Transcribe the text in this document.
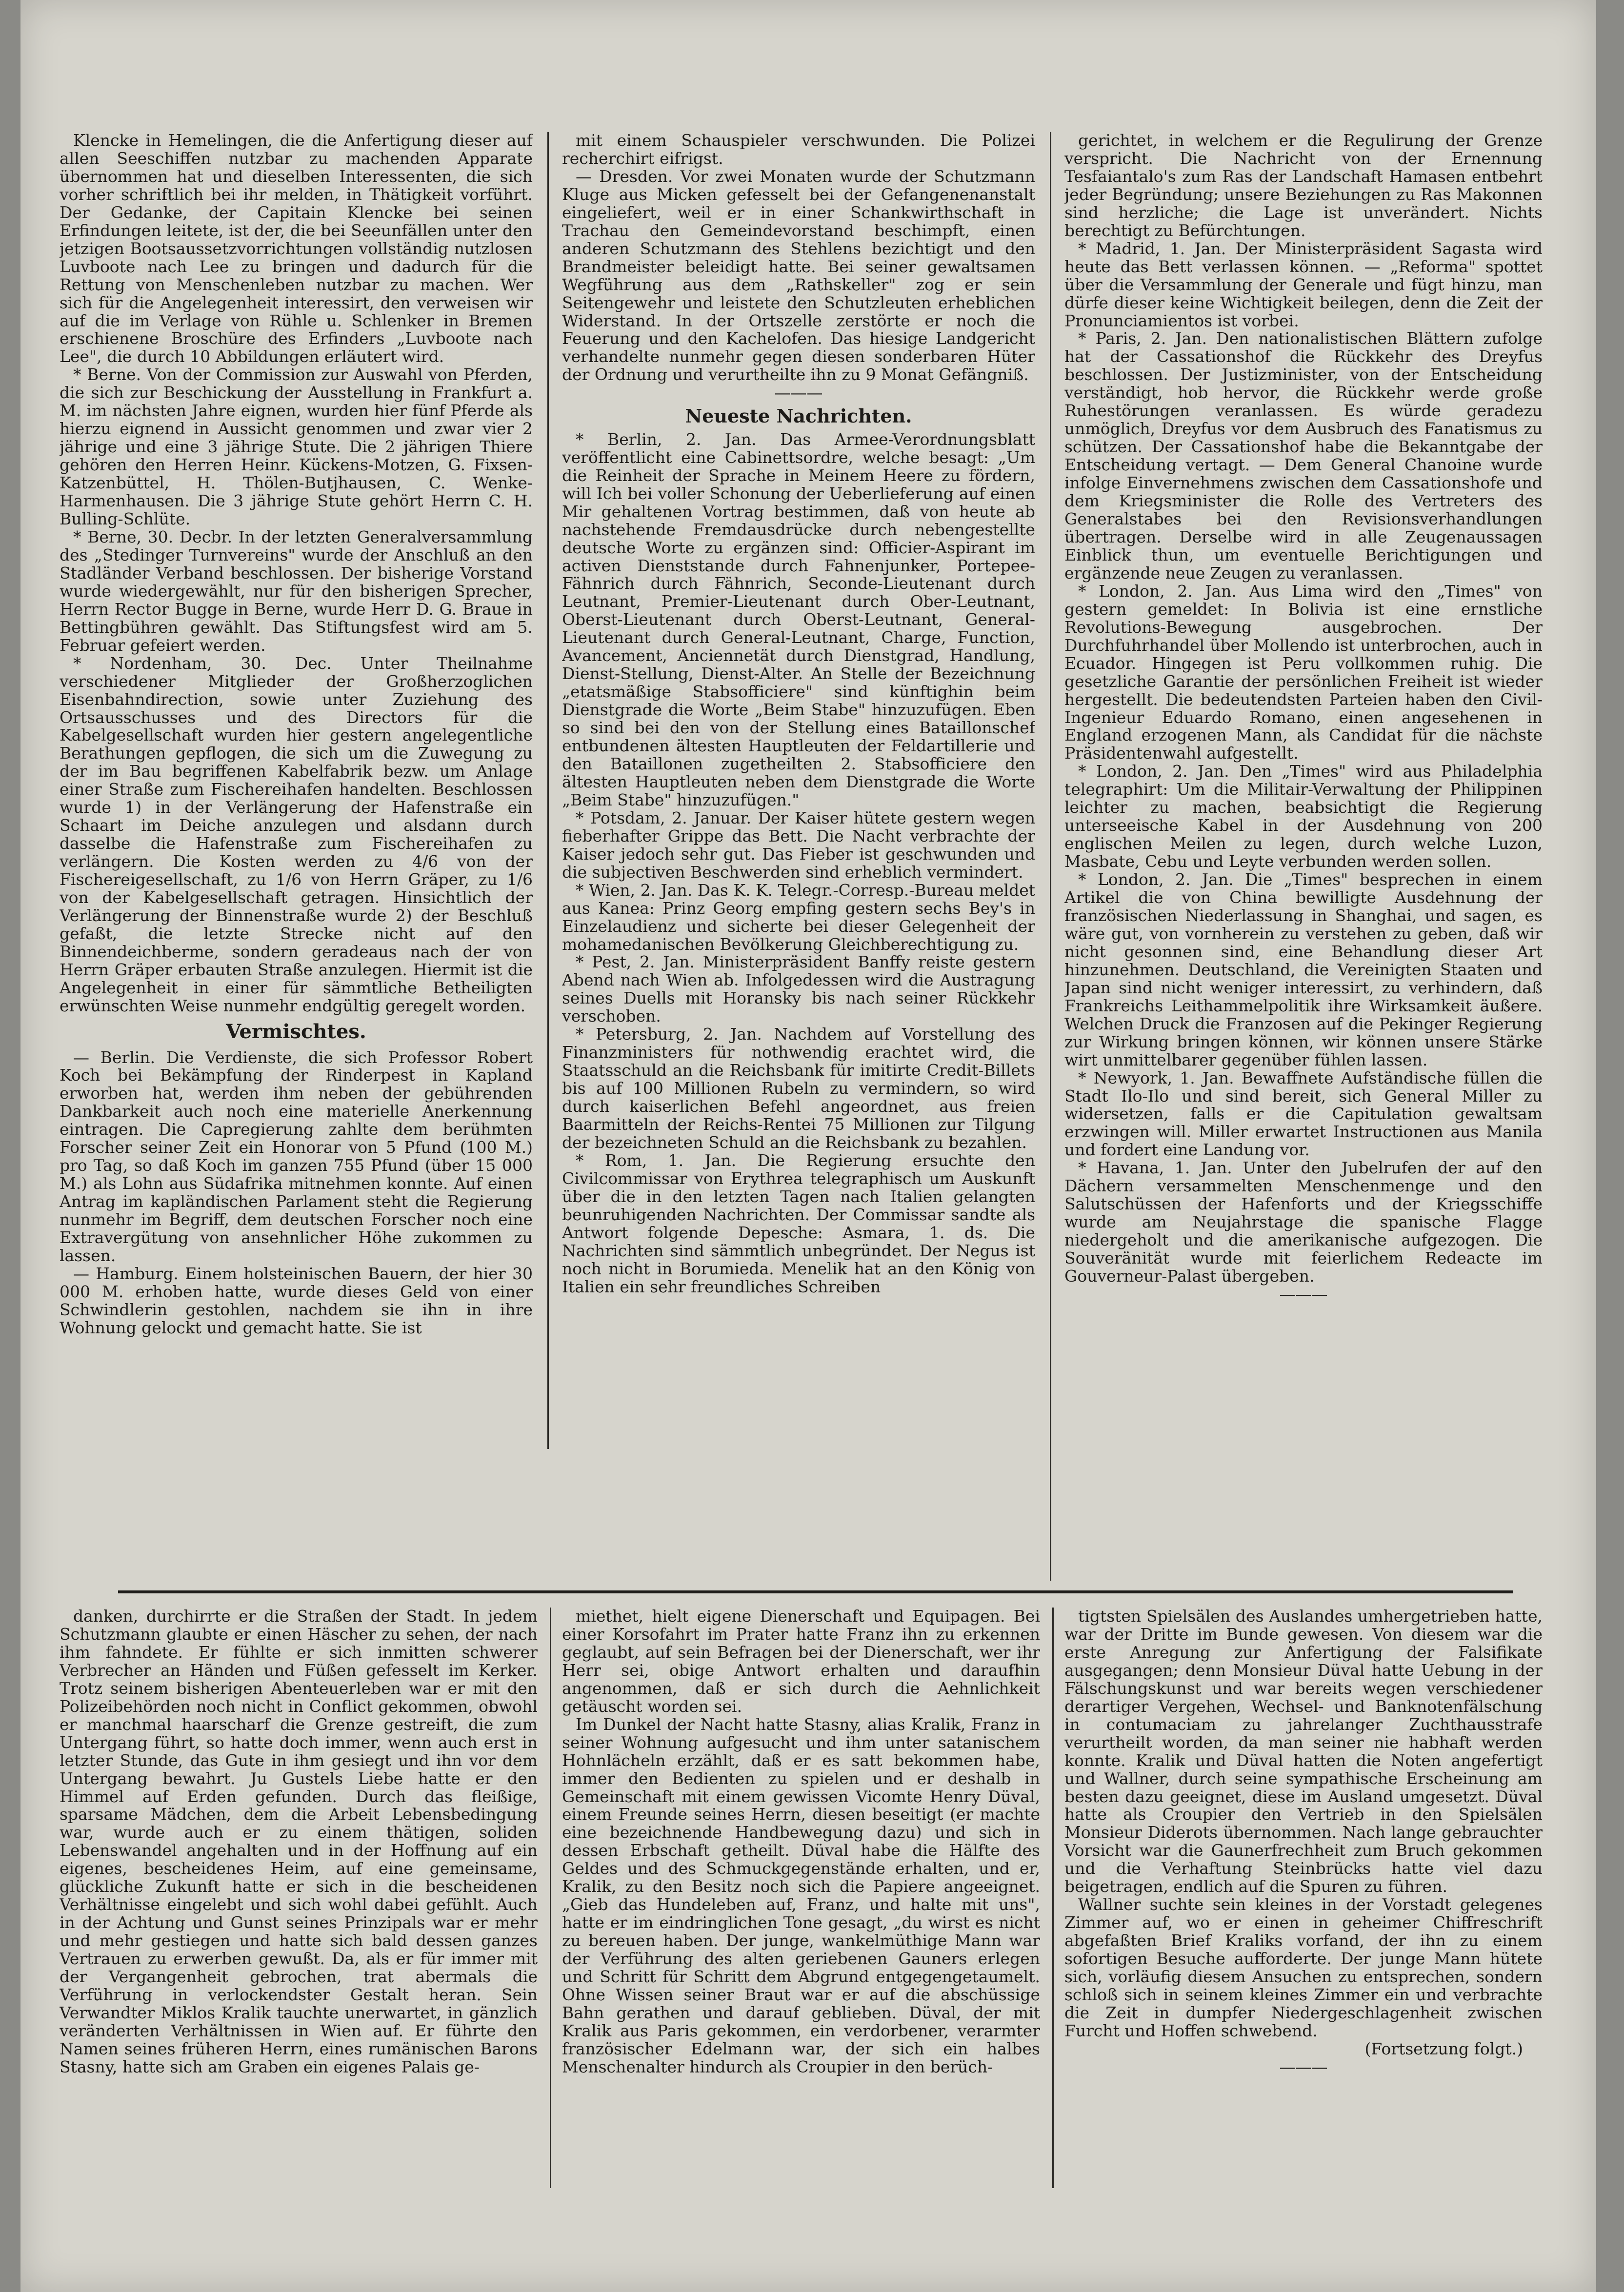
Klencke in Hemelingen, die die Anfertigung dieser auf allen Seeschiffen nutzbar zu machenden Apparate übernommen hat und dieselben Interessenten, die sich vorher schriftlich bei ihr melden, in Thätigkeit vorführt. Der Gedanke, der Capitain Klencke bei seinen Erfindungen leitete, ist der, die bei Seeunfällen unter den jetzigen Bootsaussetzvorrichtungen vollständig nutzlosen Luvboote nach Lee zu bringen und dadurch für die Rettung von Menschenleben nutzbar zu machen. Wer sich für die Angelegenheit interessirt, den verweisen wir auf die im Verlage von Rühle u. Schlenker in Bremen erschienene Broschüre des Erfinders „Luvboote nach Lee", die durch 10 Abbildungen erläutert wird.

* Berne. Von der Commission zur Auswahl von Pferden, die sich zur Beschickung der Ausstellung in Frankfurt a. M. im nächsten Jahre eignen, wurden hier fünf Pferde als hierzu eignend in Aussicht genommen und zwar vier 2 jährige und eine 3 jährige Stute. Die 2 jährigen Thiere gehören den Herren Heinr. Kückens-Motzen, G. Fixsen-Katzenbüttel, H. Thölen-Butjhausen, C. Wenke-Harmenhausen. Die 3 jährige Stute gehört Herrn C. H. Bulling-Schlüte.

* Berne, 30. Decbr. In der letzten Generalversammlung des „Stedinger Turnvereins" wurde der Anschluß an den Stadländer Verband beschlossen. Der bisherige Vorstand wurde wiedergewählt, nur für den bisherigen Sprecher, Herrn Rector Bugge in Berne, wurde Herr D. G. Braue in Bettingbühren gewählt. Das Stiftungsfest wird am 5. Februar gefeiert werden.

* Nordenham, 30. Dec. Unter Theilnahme verschiedener Mitglieder der Großherzoglichen Eisenbahndirection, sowie unter Zuziehung des Ortsausschusses und des Directors für die Kabelgesellschaft wurden hier gestern angelegentliche Berathungen gepflogen, die sich um die Zuwegung zu der im Bau begriffenen Kabelfabrik bezw. um Anlage einer Straße zum Fischereihafen handelten. Beschlossen wurde 1) in der Verlängerung der Hafenstraße ein Schaart im Deiche anzulegen und alsdann durch dasselbe die Hafenstraße zum Fischereihafen zu verlängern. Die Kosten werden zu 4/6 von der Fischereigesellschaft, zu 1/6 von Herrn Gräper, zu 1/6 von der Kabelgesellschaft getragen. Hinsichtlich der Verlängerung der Binnenstraße wurde 2) der Beschluß gefaßt, die letzte Strecke nicht auf den Binnendeichberme, sondern geradeaus nach der von Herrn Gräper erbauten Straße anzulegen. Hiermit ist die Angelegenheit in einer für sämmtliche Betheiligten erwünschten Weise nunmehr endgültig geregelt worden.

Vermischtes.

— Berlin. Die Verdienste, die sich Professor Robert Koch bei Bekämpfung der Rinderpest in Kapland erworben hat, werden ihm neben der gebührenden Dankbarkeit auch noch eine materielle Anerkennung eintragen. Die Capregierung zahlte dem berühmten Forscher seiner Zeit ein Honorar von 5 Pfund (100 M.) pro Tag, so daß Koch im ganzen 755 Pfund (über 15 000 M.) als Lohn aus Südafrika mitnehmen konnte. Auf einen Antrag im kapländischen Parlament steht die Regierung nunmehr im Begriff, dem deutschen Forscher noch eine Extravergütung von ansehnlicher Höhe zukommen zu lassen.

— Hamburg. Einem holsteinischen Bauern, der hier 30 000 M. erhoben hatte, wurde dieses Geld von einer Schwindlerin gestohlen, nachdem sie ihn in ihre Wohnung gelockt und gemacht hatte. Sie ist

mit einem Schauspieler verschwunden. Die Polizei recherchirt eifrigst.

— Dresden. Vor zwei Monaten wurde der Schutzmann Kluge aus Micken gefesselt bei der Gefangenenanstalt eingeliefert, weil er in einer Schankwirthschaft in Trachau den Gemeindevorstand beschimpft, einen anderen Schutzmann des Stehlens bezichtigt und den Brandmeister beleidigt hatte. Bei seiner gewaltsamen Wegführung aus dem „Rathskeller" zog er sein Seitengewehr und leistete den Schutzleuten erheblichen Widerstand. In der Ortszelle zerstörte er noch die Feuerung und den Kachelofen. Das hiesige Landgericht verhandelte nunmehr gegen diesen sonderbaren Hüter der Ordnung und verurtheilte ihn zu 9 Monat Gefängniß.

———

Neueste Nachrichten.

* Berlin, 2. Jan. Das Armee-Verordnungsblatt veröffentlicht eine Cabinettsordre, welche besagt: „Um die Reinheit der Sprache in Meinem Heere zu fördern, will Ich bei voller Schonung der Ueberlieferung auf einen Mir gehaltenen Vortrag bestimmen, daß von heute ab nachstehende Fremdausdrücke durch nebengestellte deutsche Worte zu ergänzen sind: Officier-Aspirant im activen Dienststande durch Fahnenjunker, Portepee-Fähnrich durch Fähnrich, Seconde-Lieutenant durch Leutnant, Premier-Lieutenant durch Ober-Leutnant, Oberst-Lieutenant durch Oberst-Leutnant, General-Lieutenant durch General-Leutnant, Charge, Function, Avancement, Anciennetät durch Dienstgrad, Handlung, Dienst-Stellung, Dienst-Alter. An Stelle der Bezeichnung „etatsmäßige Stabsofficiere" sind künftighin beim Dienstgrade die Worte „Beim Stabe" hinzuzufügen. Eben so sind bei den von der Stellung eines Bataillonschef entbundenen ältesten Hauptleuten der Feldartillerie und den Bataillonen zugetheilten 2. Stabsofficiere den ältesten Hauptleuten neben dem Dienstgrade die Worte „Beim Stabe" hinzuzufügen."

* Potsdam, 2. Januar. Der Kaiser hütete gestern wegen fieberhafter Grippe das Bett. Die Nacht verbrachte der Kaiser jedoch sehr gut. Das Fieber ist geschwunden und die subjectiven Beschwerden sind erheblich vermindert.

* Wien, 2. Jan. Das K. K. Telegr.-Corresp.-Bureau meldet aus Kanea: Prinz Georg empfing gestern sechs Bey's in Einzelaudienz und sicherte bei dieser Gelegenheit der mohamedanischen Bevölkerung Gleichberechtigung zu.

* Pest, 2. Jan. Ministerpräsident Banffy reiste gestern Abend nach Wien ab. Infolgedessen wird die Austragung seines Duells mit Horansky bis nach seiner Rückkehr verschoben.

* Petersburg, 2. Jan. Nachdem auf Vorstellung des Finanzministers für nothwendig erachtet wird, die Staatsschuld an die Reichsbank für imitirte Credit-Billets bis auf 100 Millionen Rubeln zu vermindern, so wird durch kaiserlichen Befehl angeordnet, aus freien Baarmitteln der Reichs-Rentei 75 Millionen zur Tilgung der bezeichneten Schuld an die Reichsbank zu bezahlen.

* Rom, 1. Jan. Die Regierung ersuchte den Civilcommissar von Erythrea telegraphisch um Auskunft über die in den letzten Tagen nach Italien gelangten beunruhigenden Nachrichten. Der Commissar sandte als Antwort folgende Depesche: Asmara, 1. ds. Die Nachrichten sind sämmtlich unbegründet. Der Negus ist noch nicht in Borumieda. Menelik hat an den König von Italien ein sehr freundliches Schreiben

gerichtet, in welchem er die Regulirung der Grenze verspricht. Die Nachricht von der Ernennung Tesfaiantalo's zum Ras der Landschaft Hamasen entbehrt jeder Begründung; unsere Beziehungen zu Ras Makonnen sind herzliche; die Lage ist unverändert. Nichts berechtigt zu Befürchtungen.

* Madrid, 1. Jan. Der Ministerpräsident Sagasta wird heute das Bett verlassen können. — „Reforma" spottet über die Versammlung der Generale und fügt hinzu, man dürfe dieser keine Wichtigkeit beilegen, denn die Zeit der Pronunciamientos ist vorbei.

* Paris, 2. Jan. Den nationalistischen Blättern zufolge hat der Cassationshof die Rückkehr des Dreyfus beschlossen. Der Justizminister, von der Entscheidung verständigt, hob hervor, die Rückkehr werde große Ruhestörungen veranlassen. Es würde geradezu unmöglich, Dreyfus vor dem Ausbruch des Fanatismus zu schützen. Der Cassationshof habe die Bekanntgabe der Entscheidung vertagt. — Dem General Chanoine wurde infolge Einvernehmens zwischen dem Cassationshofe und dem Kriegsminister die Rolle des Vertreters des Generalstabes bei den Revisionsverhandlungen übertragen. Derselbe wird in alle Zeugenaussagen Einblick thun, um eventuelle Berichtigungen und ergänzende neue Zeugen zu veranlassen.

* London, 2. Jan. Aus Lima wird den „Times" von gestern gemeldet: In Bolivia ist eine ernstliche Revolutions-Bewegung ausgebrochen. Der Durchfuhrhandel über Mollendo ist unterbrochen, auch in Ecuador. Hingegen ist Peru vollkommen ruhig. Die gesetzliche Garantie der persönlichen Freiheit ist wieder hergestellt. Die bedeutendsten Parteien haben den Civil-Ingenieur Eduardo Romano, einen angesehenen in England erzogenen Mann, als Candidat für die nächste Präsidentenwahl aufgestellt.

* London, 2. Jan. Den „Times" wird aus Philadelphia telegraphirt: Um die Militair-Verwaltung der Philippinen leichter zu machen, beabsichtigt die Regierung unterseeische Kabel in der Ausdehnung von 200 englischen Meilen zu legen, durch welche Luzon, Masbate, Cebu und Leyte verbunden werden sollen.

* London, 2. Jan. Die „Times" besprechen in einem Artikel die von China bewilligte Ausdehnung der französischen Niederlassung in Shanghai, und sagen, es wäre gut, von vornherein zu verstehen zu geben, daß wir nicht gesonnen sind, eine Behandlung dieser Art hinzunehmen. Deutschland, die Vereinigten Staaten und Japan sind nicht weniger interessirt, zu verhindern, daß Frankreichs Leithammelpolitik ihre Wirksamkeit äußere. Welchen Druck die Franzosen auf die Pekinger Regierung zur Wirkung bringen können, wir können unsere Stärke wirt unmittelbarer gegenüber fühlen lassen.

* Newyork, 1. Jan. Bewaffnete Aufständische füllen die Stadt Ilo-Ilo und sind bereit, sich General Miller zu widersetzen, falls er die Capitulation gewaltsam erzwingen will. Miller erwartet Instructionen aus Manila und fordert eine Landung vor.

* Havana, 1. Jan. Unter den Jubelrufen der auf den Dächern versammelten Menschenmenge und den Salutschüssen der Hafenforts und der Kriegsschiffe wurde am Neujahrstage die spanische Flagge niedergeholt und die amerikanische aufgezogen. Die Souveränität wurde mit feierlichem Redeacte im Gouverneur-Palast übergeben.

———

danken, durchirrte er die Straßen der Stadt. In jedem Schutzmann glaubte er einen Häscher zu sehen, der nach ihm fahndete. Er fühlte er sich inmitten schwerer Verbrecher an Händen und Füßen gefesselt im Kerker. Trotz seinem bisherigen Abenteuerleben war er mit den Polizeibehörden noch nicht in Conflict gekommen, obwohl er manchmal haarscharf die Grenze gestreift, die zum Untergang führt, so hatte doch immer, wenn auch erst in letzter Stunde, das Gute in ihm gesiegt und ihn vor dem Untergang bewahrt. Ju Gustels Liebe hatte er den Himmel auf Erden gefunden. Durch das fleißige, sparsame Mädchen, dem die Arbeit Lebensbedingung war, wurde auch er zu einem thätigen, soliden Lebenswandel angehalten und in der Hoffnung auf ein eigenes, bescheidenes Heim, auf eine gemeinsame, glückliche Zukunft hatte er sich in die bescheidenen Verhältnisse eingelebt und sich wohl dabei gefühlt. Auch in der Achtung und Gunst seines Prinzipals war er mehr und mehr gestiegen und hatte sich bald dessen ganzes Vertrauen zu erwerben gewußt. Da, als er für immer mit der Vergangenheit gebrochen, trat abermals die Verführung in verlockendster Gestalt heran. Sein Verwandter Miklos Kralik tauchte unerwartet, in gänzlich veränderten Verhältnissen in Wien auf. Er führte den Namen seines früheren Herrn, eines rumänischen Barons Stasny, hatte sich am Graben ein eigenes Palais ge-

miethet, hielt eigene Dienerschaft und Equipagen. Bei einer Korsofahrt im Prater hatte Franz ihn zu erkennen geglaubt, auf sein Befragen bei der Dienerschaft, wer ihr Herr sei, obige Antwort erhalten und daraufhin angenommen, daß er sich durch die Aehnlichkeit getäuscht worden sei.

Im Dunkel der Nacht hatte Stasny, alias Kralik, Franz in seiner Wohnung aufgesucht und ihm unter satanischem Hohnlächeln erzählt, daß er es satt bekommen habe, immer den Bedienten zu spielen und er deshalb in Gemeinschaft mit einem gewissen Vicomte Henry Düval, einem Freunde seines Herrn, diesen beseitigt (er machte eine bezeichnende Handbewegung dazu) und sich in dessen Erbschaft getheilt. Düval habe die Hälfte des Geldes und des Schmuckgegenstände erhalten, und er, Kralik, zu den Besitz noch sich die Papiere angeeignet. „Gieb das Hundeleben auf, Franz, und halte mit uns", hatte er im eindringlichen Tone gesagt, „du wirst es nicht zu bereuen haben. Der junge, wankelmüthige Mann war der Verführung des alten geriebenen Gauners erlegen und Schritt für Schritt dem Abgrund entgegengetaumelt. Ohne Wissen seiner Braut war er auf die abschüssige Bahn gerathen und darauf geblieben. Düval, der mit Kralik aus Paris gekommen, ein verdorbener, verarmter französischer Edelmann war, der sich ein halbes Menschenalter hindurch als Croupier in den berüch-

tigtsten Spielsälen des Auslandes umhergetrieben hatte, war der Dritte im Bunde gewesen. Von diesem war die erste Anregung zur Anfertigung der Falsifikate ausgegangen; denn Monsieur Düval hatte Uebung in der Fälschungskunst und war bereits wegen verschiedener derartiger Vergehen, Wechsel- und Banknotenfälschung in contumaciam zu jahrelanger Zuchthausstrafe verurtheilt worden, da man seiner nie habhaft werden konnte. Kralik und Düval hatten die Noten angefertigt und Wallner, durch seine sympathische Erscheinung am besten dazu geeignet, diese im Ausland umgesetzt. Düval hatte als Croupier den Vertrieb in den Spielsälen Monsieur Diderots übernommen. Nach lange gebrauchter Vorsicht war die Gaunerfrechheit zum Bruch gekommen und die Verhaftung Steinbrücks hatte viel dazu beigetragen, endlich auf die Spuren zu führen.

Wallner suchte sein kleines in der Vorstadt gelegenes Zimmer auf, wo er einen in geheimer Chiffreschrift abgefaßten Brief Kraliks vorfand, der ihn zu einem sofortigen Besuche aufforderte. Der junge Mann hütete sich, vorläufig diesem Ansuchen zu entsprechen, sondern schloß sich in seinem kleines Zimmer ein und verbrachte die Zeit in dumpfer Niedergeschlagenheit zwischen Furcht und Hoffen schwebend.

(Fortsetzung folgt.)

———
